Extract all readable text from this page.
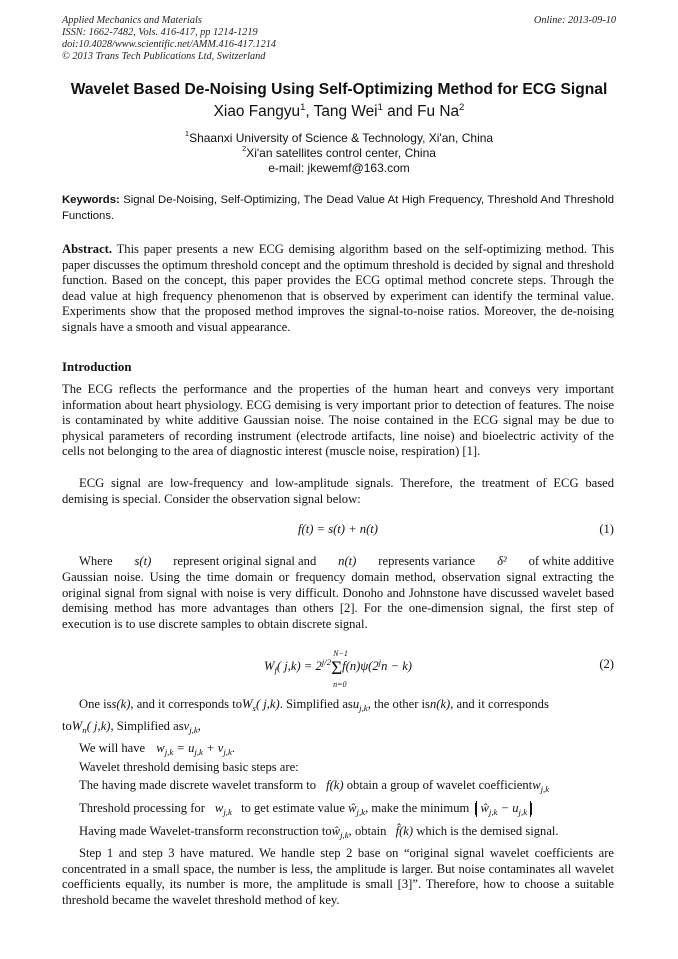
Applied Mechanics and Materials
ISSN: 1662-7482, Vols. 416-417, pp 1214-1219
doi:10.4028/www.scientific.net/AMM.416-417.1214
© 2013 Trans Tech Publications Ltd, Switzerland
Online: 2013-09-10
Wavelet Based De-Noising Using Self-Optimizing Method for ECG Signal
Xiao Fangyu$^1$, Tang Wei$^1$ and Fu Na$^2$
$^1$Shaanxi University of Science & Technology, Xi'an, China
$^2$Xi'an satellites control center, China
e-mail: jkewemf@163.com
Keywords: Signal De-Noising, Self-Optimizing, The Dead Value At High Frequency, Threshold And Threshold Functions.
Abstract. This paper presents a new ECG demising algorithm based on the self-optimizing method. This paper discusses the optimum threshold concept and the optimum threshold is decided by signal and threshold function. Based on the concept, this paper provides the ECG optimal method concrete steps. Through the dead value at high frequency phenomenon that is observed by experiment can identify the terminal value. Experiments show that the proposed method improves the signal-to-noise ratios. Moreover, the de-noising signals have a smooth and visual appearance.
Introduction
The ECG reflects the performance and the properties of the human heart and conveys very important information about heart physiology. ECG demising is very important prior to detection of features. The noise is contaminated by white additive Gaussian noise. The noise contained in the ECG signal may be due to physical parameters of recording instrument (electrode artifacts, line noise) and bioelectric activity of the cells not belonging to the area of diagnostic interest (muscle noise, respiration) [1].
ECG signal are low-frequency and low-amplitude signals. Therefore, the treatment of ECG based demising is special. Consider the observation signal below:
f(t) = s(t) + n(t)	(1)
Where s(t) represent original signal and n(t) represents variance δ² of white additive
Gaussian noise. Using the time domain or frequency domain method, observation signal extracting the original signal from signal with noise is very difficult. Donoho and Johnstone have discussed wavelet based demising method has more advantages than others [2]. For the one-dimension signal, the first step of execution is to use discrete samples to obtain discrete signal.
$W_f$( $j,k) = 2^{j/2}\Sigma$
N−1
n=0
$f(n)\psi(2^jn - k)$	(2)
One iss(k), and it corresponds toW$_s$( j,k). Simplified asu$_{j,k}$, the other isn(k), and it corresponds
toW$_n$( j,k), Simplified asv$_{j,k}$,
We will have $w_{j,k} = u_{j,k} + v_{j,k}$.
Wavelet threshold demising basic steps are:
The having made discrete wavelet transform to f(k) obtain a group of wavelet coefficientw$_{j,k}$
Threshold processing for $w_{j,k}$ to get estimate value $ŵ_{j,k}$, make the minimum $ŵ_{j,k} - u_{j,k}$
Having made Wavelet-transform reconstruction toŵ$_{j,k}$, obtain f̂(k) which is the demised signal.
Step 1 and step 3 have matured. We handle step 2 base on “original signal wavelet coefficients are concentrated in a small space, the number is less, the amplitude is larger. But noise contaminates all wavelet coefficients equally, its number is more, the amplitude is small [3]”. Therefore, how to choose a suitable threshold became the wavelet threshold method of key.
